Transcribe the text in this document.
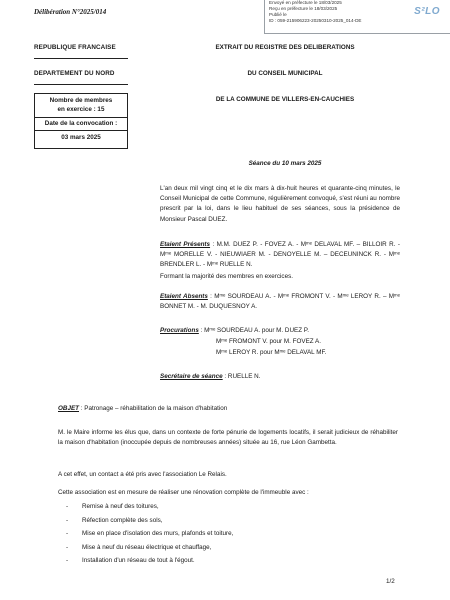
Délibération N°2025/014
Envoyé en préfecture le 18/03/2025
Reçu en préfecture le 18/03/2025
Publié le
ID : 059-215906223-20250310-2025_014-DE
S²LO
REPUBLIQUE FRANCAISE
DEPARTEMENT DU NORD
Nombre de membres
en exercice : 15
Date de la convocation :
03 mars 2025
EXTRAIT DU REGISTRE DES DELIBERATIONS
DU CONSEIL MUNICIPAL
DE LA COMMUNE DE VILLERS-EN-CAUCHIES
Séance du 10 mars 2025
L'an deux mil vingt cinq et le dix mars à dix-huit heures et quarante-cinq minutes, le Conseil Municipal de cette Commune, régulièrement convoqué, s'est réuni au nombre prescrit par la loi, dans le lieu habituel de ses séances, sous la présidence de Monsieur Pascal DUEZ.
Etaient Présents : M.M. DUEZ P. - FOVEZ A. - Mᵐᵉ DELAVAL MF. – BILLOIR R. - Mᵐᵉ MORELLE V. - NIEUWIAER M. - DENOYELLE M. – DECEUNINCK R. - Mᵐᵉ BRENDLER L. - Mᵐᵉ RUELLE N.
Formant la majorité des membres en exercices.
Etaient Absents : Mᵐᵉ SOURDEAU A. - Mᵐᵉ FROMONT V. - Mᵐᵉ LEROY R. – Mᵐᵉ BONNET M. - M. DUQUESNOY A.
Procurations : Mᵐᵉ SOURDEAU A. pour M. DUEZ P.
Mᵐᵉ FROMONT V. pour M. FOVEZ A.
Mᵐᵉ LEROY R. pour Mᵐᵉ DELAVAL MF.
Secrétaire de séance : RUELLE N.
OBJET : Patronage – réhabilitation de la maison d'habitation
M. le Maire informe les élus que, dans un contexte de forte pénurie de logements locatifs, il serait judicieux de réhabiliter la maison d'habitation (inoccupée depuis de nombreuses années) située au 16, rue Léon Gambetta.
A cet effet, un contact a été pris avec l'association Le Relais.
Cette association est en mesure de réaliser une rénovation complète de l'immeuble avec :
- Remise à neuf des toitures,
- Réfection complète des sols,
- Mise en place d'isolation des murs, plafonds et toiture,
- Mise à neuf du réseau électrique et chauffage,
- Installation d'un réseau de tout à l'égout.
1/2
